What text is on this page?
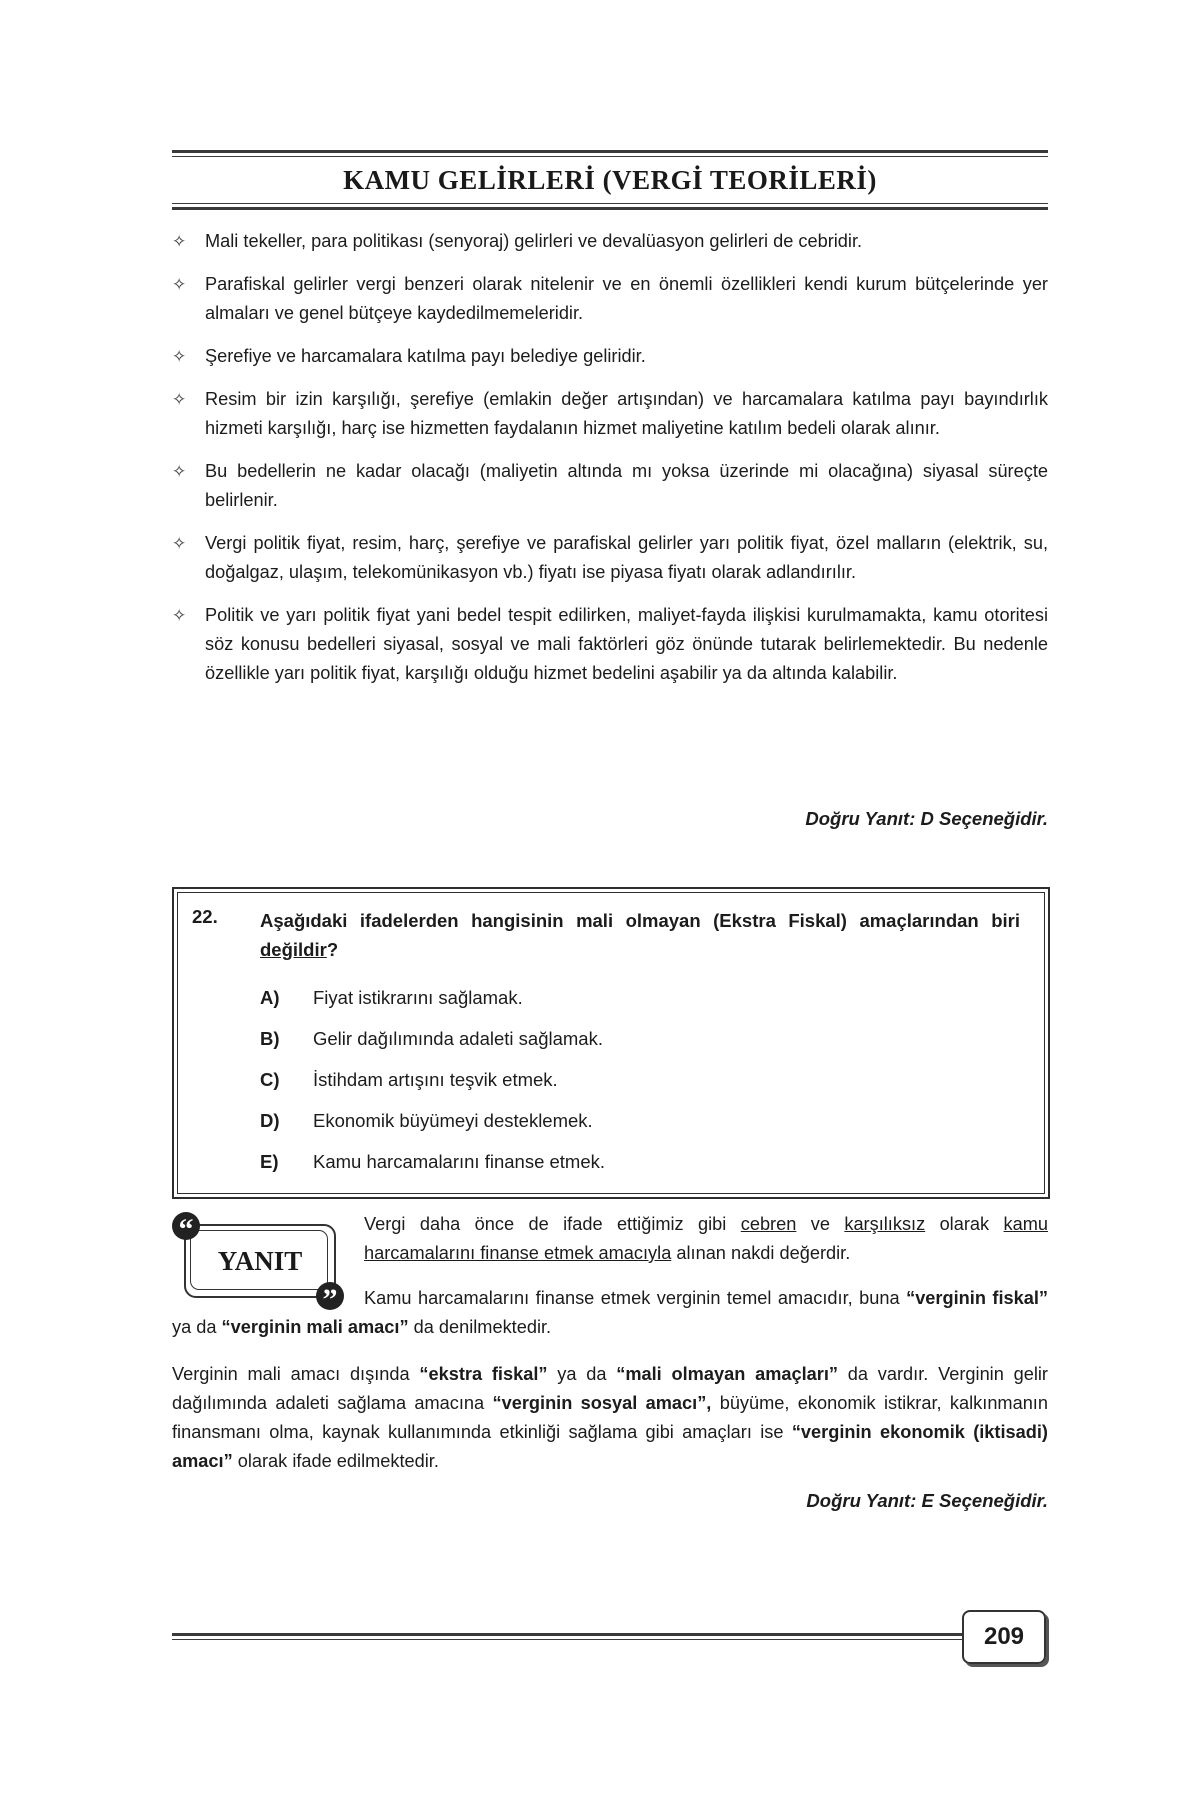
KAMU GELİRLERİ (VERGİ TEORİLERİ)
✧ Mali tekeller, para politikası (senyoraj) gelirleri ve devalüasyon gelirleri de cebridir.
✧ Parafiskal gelirler vergi benzeri olarak nitelenir ve en önemli özellikleri kendi kurum bütçelerinde yer almaları ve genel bütçeye kaydedilmemeleridir.
✧ Şerefiye ve harcamalara katılma payı belediye geliridir.
✧ Resim bir izin karşılığı, şerefiye (emlakin değer artışından) ve harcamalara katılma payı bayındırlık hizmeti karşılığı, harç ise hizmetten faydalanın hizmet maliyetine katılım bedeli olarak alınır.
✧ Bu bedellerin ne kadar olacağı (maliyetin altında mı yoksa üzerinde mi olacağına) siyasal süreçte belirlenir.
✧ Vergi politik fiyat, resim, harç, şerefiye ve parafiskal gelirler yarı politik fiyat, özel malların (elektrik, su, doğalgaz, ulaşım, telekomünikasyon vb.) fiyatı ise piyasa fiyatı olarak adlandırılır.
✧ Politik ve yarı politik fiyat yani bedel tespit edilirken, maliyet-fayda ilişkisi kurulmamakta, kamu otoritesi söz konusu bedelleri siyasal, sosyal ve mali faktörleri göz önünde tutarak belirlemektedir. Bu nedenle özellikle yarı politik fiyat, karşılığı olduğu hizmet bedelini aşabilir ya da altında kalabilir.
Doğru Yanıt: D Seçeneğidir.
22. Aşağıdaki ifadelerden hangisinin mali olmayan (Ekstra Fiskal) amaçlarından biri değildir?
A) Fiyat istikrarını sağlamak.
B) Gelir dağılımında adaleti sağlamak.
C) İstihdam artışını teşvik etmek.
D) Ekonomik büyümeyi desteklemek.
E) Kamu harcamalarını finanse etmek.
YANIT
“
”
Vergi daha önce de ifade ettiğimiz gibi cebren ve karşılıksız olarak kamu harcamalarını finanse etmek amacıyla alınan nakdi değerdir.
Kamu harcamalarını finanse etmek verginin temel amacıdır, buna “verginin fiskal” ya da “verginin mali amacı” da denilmektedir.
Verginin mali amacı dışında “ekstra fiskal” ya da “mali olmayan amaçları” da vardır. Verginin gelir dağılımında adaleti sağlama amacına “verginin sosyal amacı”, büyüme, ekonomik istikrar, kalkınmanın finansmanı olma, kaynak kullanımında etkinliği sağlama gibi amaçları ise “verginin ekonomik (iktisadi) amacı” olarak ifade edilmektedir.
Doğru Yanıt: E Seçeneğidir.
209
